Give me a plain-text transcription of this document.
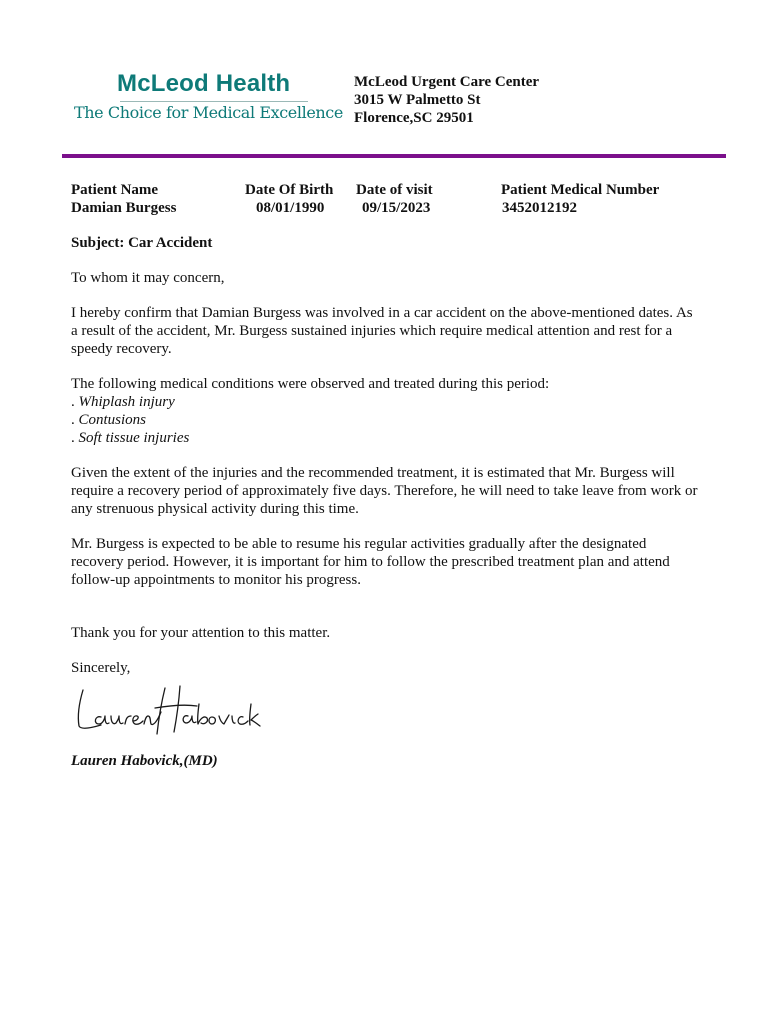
McLeod Health
The Choice for Medical Excellence
McLeod Urgent Care Center
3015 W Palmetto St
Florence,SC 29501
Patient Name
Damian Burgess
Date Of Birth
08/01/1990
Date of visit
09/15/2023
Patient Medical Number
3452012192

Subject: Car Accident

To whom it may concern,

I hereby confirm that Damian Burgess was involved in a car accident on the above-mentioned dates. As a result of the accident, Mr. Burgess sustained injuries which require medical attention and rest for a speedy recovery.

The following medical conditions were observed and treated during this period:

. Whiplash injury

. Contusions

. Soft tissue injuries

Given the extent of the injuries and the recommended treatment, it is estimated that Mr. Burgess will require a recovery period of approximately five days. Therefore, he will need to take leave from work or any strenuous physical activity during this time.

Mr. Burgess is expected to be able to resume his regular activities gradually after the designated recovery period. However, it is important for him to follow the prescribed treatment plan and attend follow-up appointments to monitor his progress.

Thank you for your attention to this matter.

Sincerely,

Lauren Habovick,(MD)
